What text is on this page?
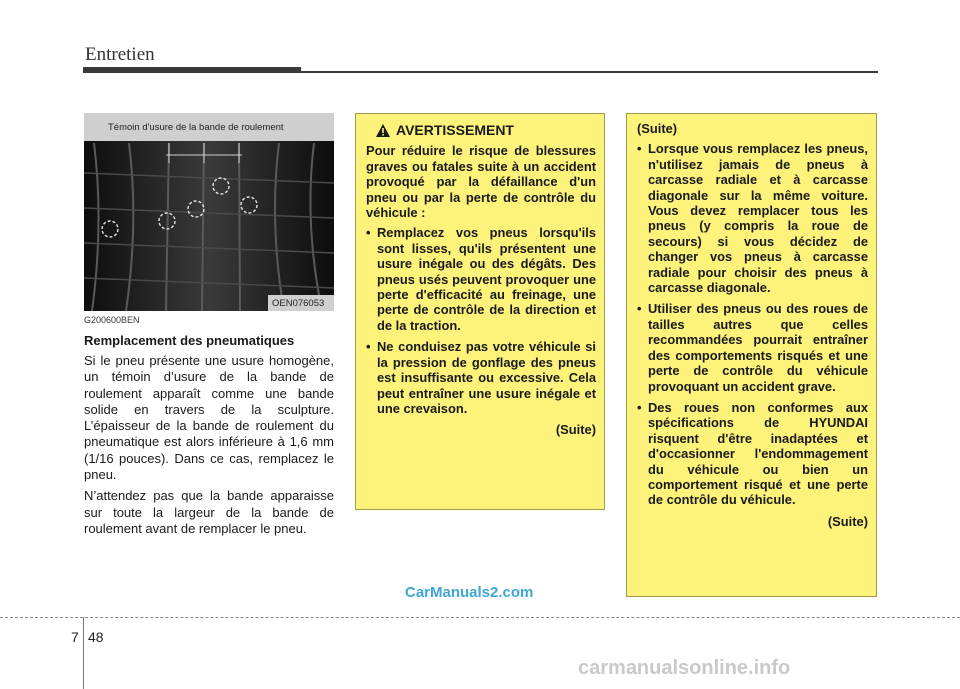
Entretien
Témoin d'usure de la bande de roulement
OEN076053
G200600BEN
Remplacement des pneumatiques

Si le pneu présente une usure homogène, un témoin d’usure de la bande de roulement apparaît comme une bande solide en travers de la sculpture. L’épaisseur de la bande de roulement du pneumatique est alors inférieure à 1,6 mm (1/16 pouces). Dans ce cas, remplacez le pneu.

N’attendez pas que la bande apparaisse sur toute la largeur de la bande de roulement avant de remplacer le pneu.

AVERTISSEMENT
Pour réduire le risque de blessures graves ou fatales suite à un accident provoqué par la défaillance d'un pneu ou par la perte de contrôle du véhicule :
• Remplacez vos pneus lorsqu'ils sont lisses, qu'ils présentent une usure inégale ou des dégâts. Des pneus usés peuvent provoquer une perte d'efficacité au freinage, une perte de contrôle de la direction et de la traction.
• Ne conduisez pas votre véhicule si la pression de gonflage des pneus est insuffisante ou excessive. Cela peut entraîner une usure inégale et une crevaison.
(Suite)
(Suite)
• Lorsque vous remplacez les pneus, n'utilisez jamais de pneus à carcasse radiale et à carcasse diagonale sur la même voiture. Vous devez remplacer tous les pneus (y compris la roue de secours) si vous décidez de changer vos pneus à carcasse radiale pour choisir des pneus à carcasse diagonale.
• Utiliser des pneus ou des roues de tailles autres que celles recommandées pourrait entraîner des comportements risqués et une perte de contrôle du véhicule provoquant un accident grave.
• Des roues non conformes aux spécifications de HYUNDAI risquent d'être inadaptées et d'occasionner l'endommagement du véhicule ou bien un comportement risqué et une perte de contrôle du véhicule.
(Suite)
CarManuals2.com
7 48
carmanualsonline.info
